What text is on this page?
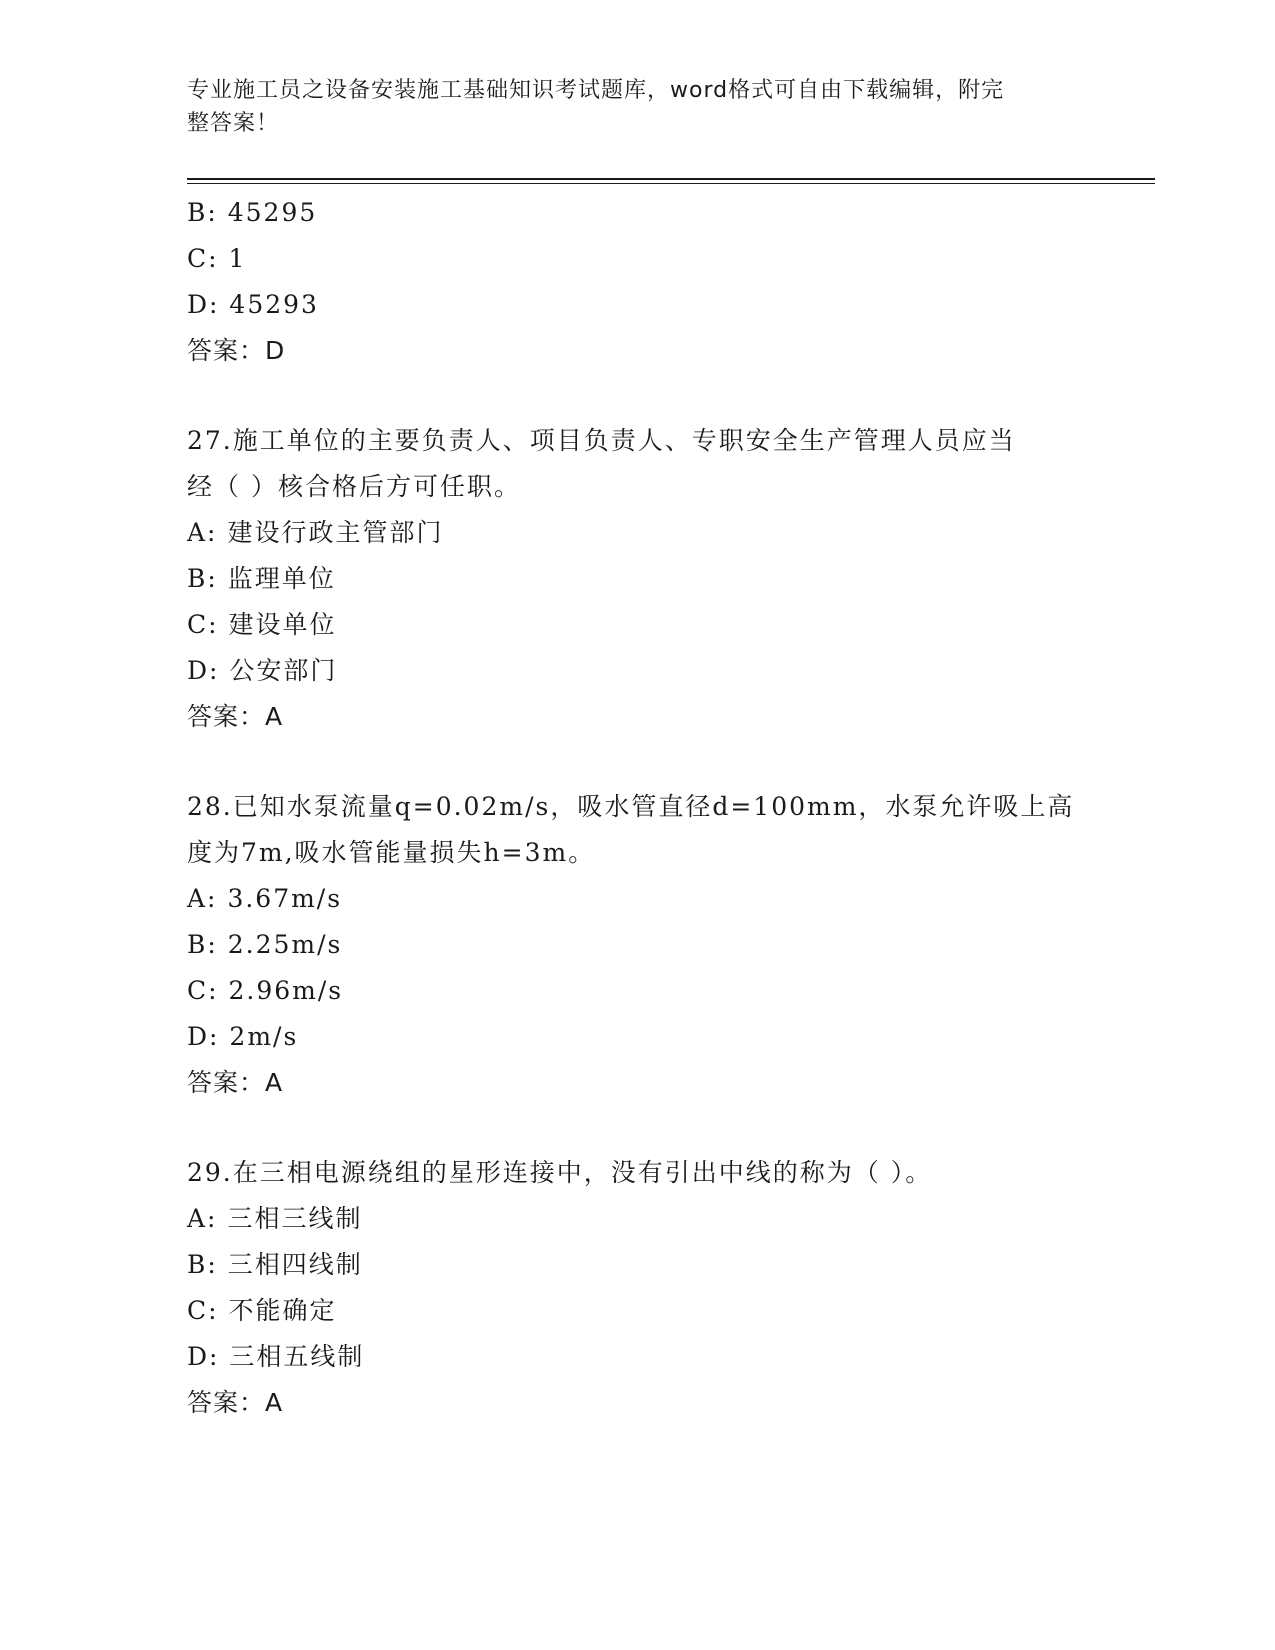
专业施工员之设备安装施工基础知识考试题库，word格式可自由下载编辑，附完
整答案！
B: 45295
C: 1
D: 45293
答案：D
27.施工单位的主要负责人、项目负责人、专职安全生产管理人员应当
经（ ）核合格后方可任职。
A: 建设行政主管部门
B: 监理单位
C: 建设单位
D: 公安部门
答案：A
28.已知水泵流量q=0.02m/s，吸水管直径d=100mm，水泵允许吸上高
度为7m,吸水管能量损失h=3m。
A: 3.67m/s
B: 2.25m/s
C: 2.96m/s
D: 2m/s
答案：A
29.在三相电源绕组的星形连接中，没有引出中线的称为（ ）。
A: 三相三线制
B: 三相四线制
C: 不能确定
D: 三相五线制
答案：A
